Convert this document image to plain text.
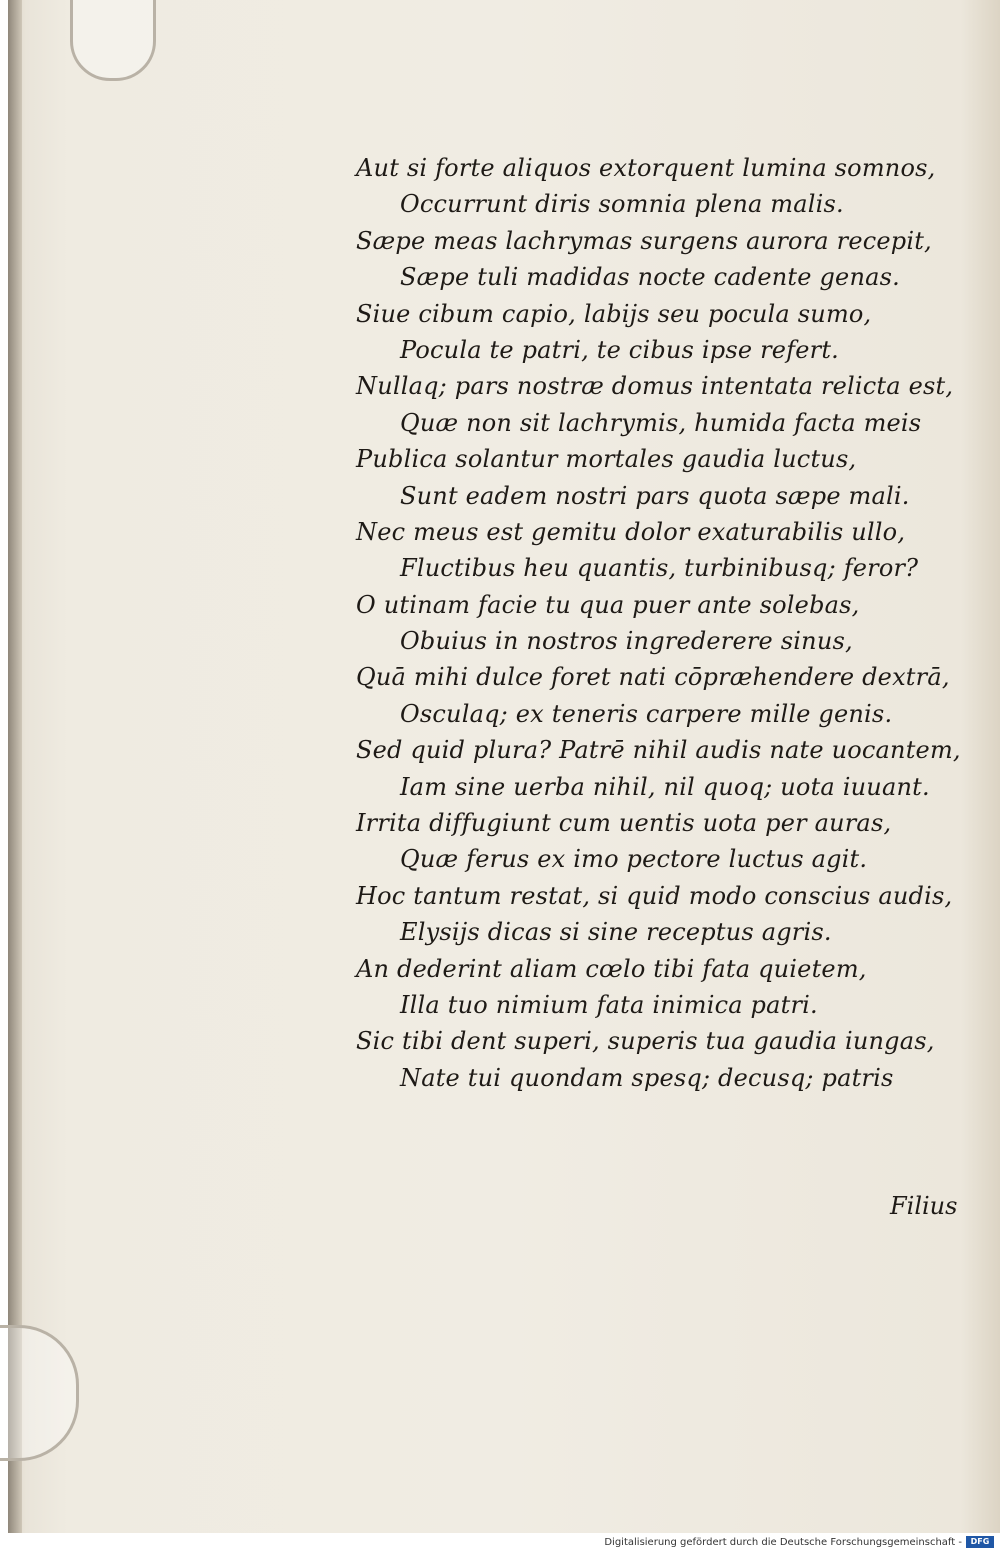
Aut si forte aliquos extorquent lumina somnos,
Occurrunt diris somnia plena malis.
Sæpe meas lachrymas surgens aurora recepit,
Sæpe tuli madidas nocte cadente genas.
Siue cibum capio, labijs seu pocula sumo,
Pocula te patri, te cibus ipse refert.
Nullaq; pars nostræ domus intentata relicta est,
Quæ non sit lachrymis, humida facta meis
Publica solantur mortales gaudia luctus,
Sunt eadem nostri pars quota sæpe mali.
Nec meus est gemitu dolor exaturabilis ullo,
Fluctibus heu quantis, turbinibusq; feror?
O utinam facie tu qua puer ante solebas,
Obuius in nostros ingrederere sinus,
Quā mihi dulce foret nati cōpræhendere dextrā,
Osculaq; ex teneris carpere mille genis.
Sed quid plura? Patrē nihil audis nate uocantem,
Iam sine uerba nihil, nil quoq; uota iuuant.
Irrita diffugiunt cum uentis uota per auras,
Quæ ferus ex imo pectore luctus agit.
Hoc tantum restat, si quid modo conscius audis,
Elysijs dicas si sine receptus agris.
An dederint aliam cœlo tibi fata quietem,
Illa tuo nimium fata inimica patri.
Sic tibi dent superi, superis tua gaudia iungas,
Nate tui quondam spesq; decusq; patris
Filius
Digitalisierung gefördert durch die Deutsche Forschungsgemeinschaft -	DFG
